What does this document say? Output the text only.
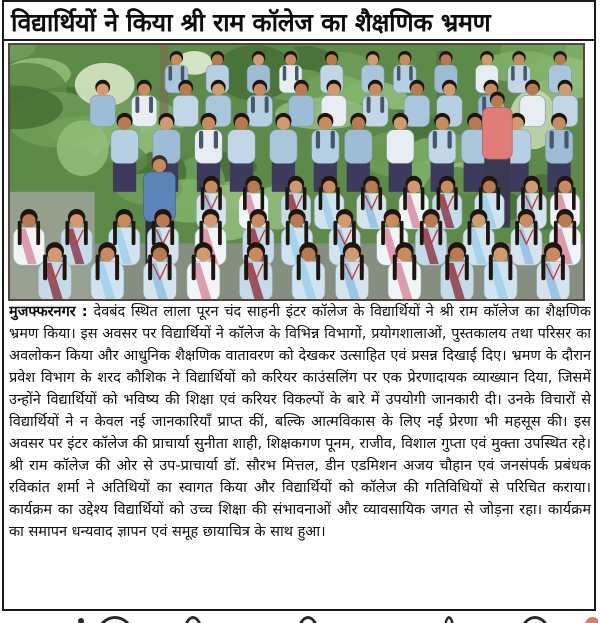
विद्यार्थियों ने किया श्री राम कॉलेज का शैक्षणिक भ्रमण

मुजफ्फरनगर : देवबंद स्थित लाला पूरन चंद साहनी इंटर कॉलेज के विद्यार्थियों ने श्री राम कॉलेज का शैक्षणिक भ्रमण किया। इस अवसर पर विद्यार्थियों ने कॉलेज के विभिन्न विभागों, प्रयोगशालाओं, पुस्तकालय तथा परिसर का अवलोकन किया और आधुनिक शैक्षणिक वातावरण को देखकर उत्साहित एवं प्रसन्न दिखाई दिए। भ्रमण के दौरान प्रवेश विभाग के शरद कौशिक ने विद्यार्थियों को करियर काउंसलिंग पर एक प्रेरणादायक व्याख्यान दिया, जिसमें उन्होंने विद्यार्थियों को भविष्य की शिक्षा एवं करियर विकल्पों के बारे में उपयोगी जानकारी दी। उनके विचारों से विद्यार्थियों ने न केवल नई जानकारियाँ प्राप्त कीं, बल्कि आत्मविकास के लिए नई प्रेरणा भी महसूस की। इस अवसर पर इंटर कॉलेज की प्राचार्या सुनीता शाही, शिक्षकगण पूनम, राजीव, विशाल गुप्ता एवं मुक्ता उपस्थित रहे। श्री राम कॉलेज की ओर से उप-प्राचार्या डॉ. सौरभ मित्तल, डीन एडमिशन अजय चौहान एवं जनसंपर्क प्रबंधक रविकांत शर्मा ने अतिथियों का स्वागत किया और विद्यार्थियों को कॉलेज की गतिविधियों से परिचित कराया। कार्यक्रम का उद्देश्य विद्यार्थियों को उच्च शिक्षा की संभावनाओं और व्यावसायिक जगत से जोड़ना रहा। कार्यक्रम का समापन धन्यवाद ज्ञापन एवं समूह छायाचित्र के साथ हुआ।
